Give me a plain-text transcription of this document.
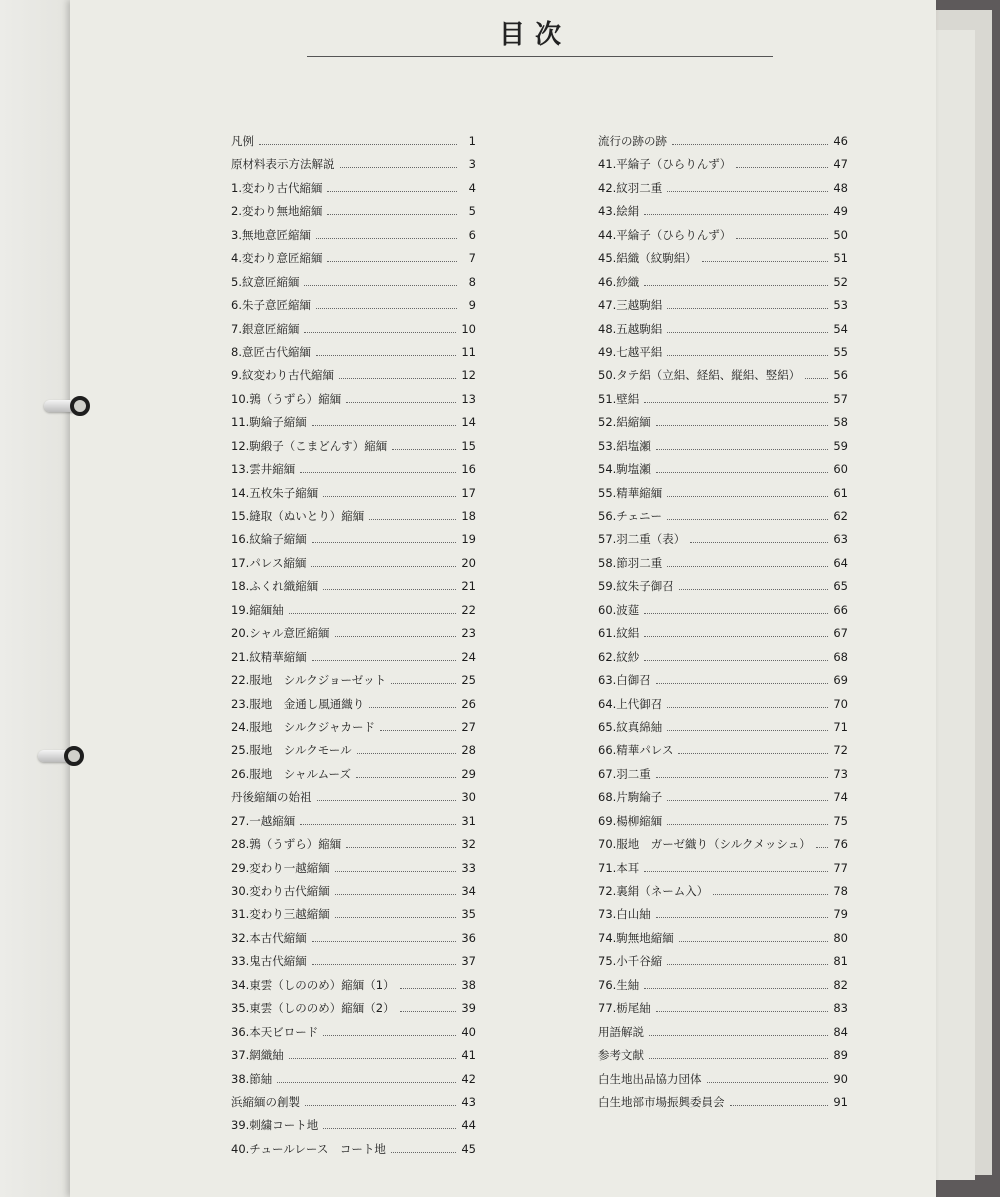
目次
凡例	1
原材料表示方法解説	3
1.変わり古代縮緬	4
2.変わり無地縮緬	5
3.無地意匠縮緬	6
4.変わり意匠縮緬	7
5.紋意匠縮緬	8
6.朱子意匠縮緬	9
7.銀意匠縮緬	10
8.意匠古代縮緬	11
9.紋変わり古代縮緬	12
10.鶉（うずら）縮緬	13
11.駒綸子縮緬	14
12.駒緞子（こまどんす）縮緬	15
13.雲井縮緬	16
14.五枚朱子縮緬	17
15.縫取（ぬいとり）縮緬	18
16.紋綸子縮緬	19
17.パレス縮緬	20
18.ふくれ織縮緬	21
19.縮緬紬	22
20.シャル意匠縮緬	23
21.紋精華縮緬	24
22.服地　シルクジョーゼット	25
23.服地　金通し風通織り	26
24.服地　シルクジャカード	27
25.服地　シルクモール	28
26.服地　シャルムーズ	29
丹後縮緬の始祖	30
27.一越縮緬	31
28.鶉（うずら）縮緬	32
29.変わり一越縮緬	33
30.変わり古代縮緬	34
31.変わり三越縮緬	35
32.本古代縮緬	36
33.鬼古代縮緬	37
34.東雲（しののめ）縮緬（1）	38
35.東雲（しののめ）縮緬（2）	39
36.本天ビロード	40
37.網織紬	41
38.節紬	42
浜縮緬の創製	43
39.刺繍コート地	44
40.チュールレース　コート地	45
流行の跡の跡	46
41.平綸子（ひらりんず）	47
42.紋羽二重	48
43.絵絹	49
44.平綸子（ひらりんず）	50
45.絽織（紋駒絽）	51
46.紗織	52
47.三越駒絽	53
48.五越駒絽	54
49.七越平絽	55
50.タテ絽（立絽、経絽、縦絽、竪絽）	56
51.壁絽	57
52.絽縮緬	58
53.絽塩瀬	59
54.駒塩瀬	60
55.精華縮緬	61
56.チェニー	62
57.羽二重（表）	63
58.節羽二重	64
59.紋朱子御召	65
60.波莚	66
61.紋絽	67
62.紋紗	68
63.白御召	69
64.上代御召	70
65.紋真綿紬	71
66.精華パレス	72
67.羽二重	73
68.片駒綸子	74
69.楊柳縮緬	75
70.服地　ガーゼ織り（シルクメッシュ） 76
71.本耳	77
72.裏絹（ネーム入）	78
73.白山紬	79
74.駒無地縮緬	80
75.小千谷縮	81
76.生紬	82
77.栃尾紬	83
用語解説	84
参考文献	89
白生地出品協力団体	90
白生地部市場振興委員会	91
